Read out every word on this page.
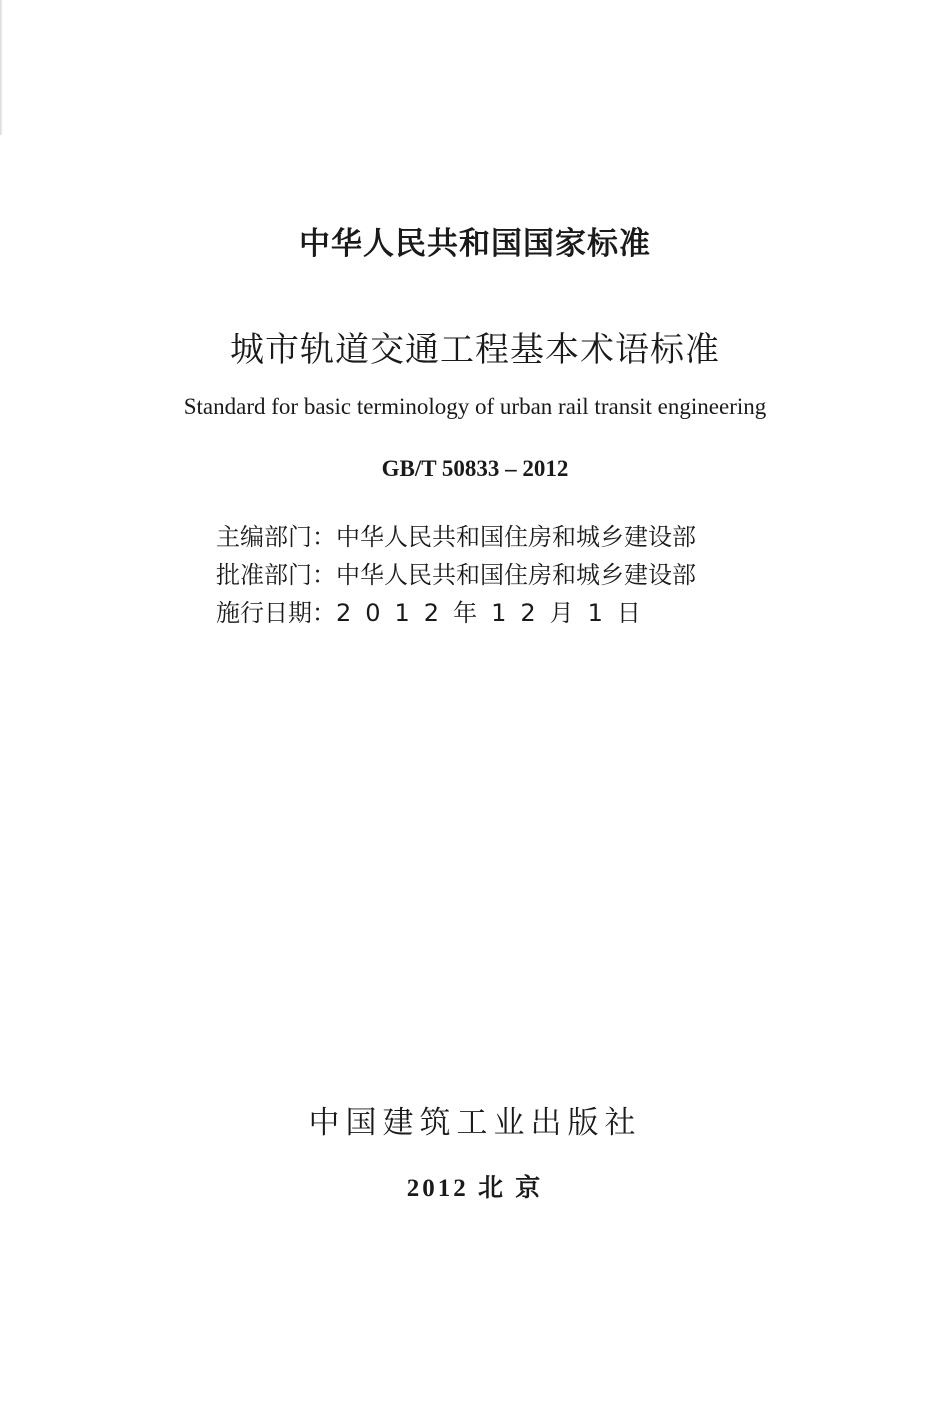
中华人民共和国国家标准
城市轨道交通工程基本术语标准
Standard for basic terminology of urban rail transit engineering
GB/T 50833 – 2012
主编部门：中华人民共和国住房和城乡建设部
批准部门：中华人民共和国住房和城乡建设部
施行日期：2012年12月1日
中国建筑工业出版社
2012 北 京
